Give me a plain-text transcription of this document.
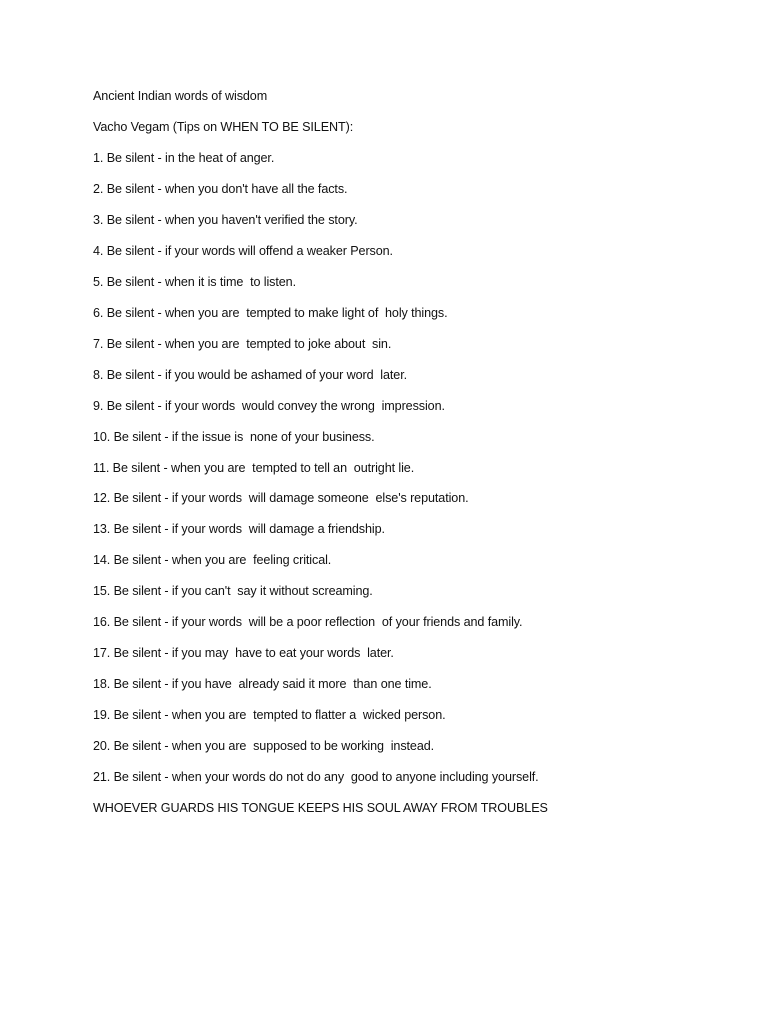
Ancient Indian words of wisdom

Vacho Vegam (Tips on WHEN TO BE SILENT):

1. Be silent - in the heat of anger.

2. Be silent - when you don't have all the facts.

3. Be silent - when you haven't verified the story.

4. Be silent - if your words will offend a weaker Person.

5. Be silent - when it is time  to listen.

6. Be silent - when you are  tempted to make light of  holy things.

7. Be silent - when you are  tempted to joke about  sin.

8. Be silent - if you would be ashamed of your word  later.

9. Be silent - if your words  would convey the wrong  impression.

10. Be silent - if the issue is  none of your business.

11. Be silent - when you are  tempted to tell an  outright lie.

12. Be silent - if your words  will damage someone  else's reputation.

13. Be silent - if your words  will damage a friendship.

14. Be silent - when you are  feeling critical.

15. Be silent - if you can't  say it without screaming.

16. Be silent - if your words  will be a poor reflection  of your friends and family.

17. Be silent - if you may  have to eat your words  later.

18. Be silent - if you have  already said it more  than one time.

19. Be silent - when you are  tempted to flatter a  wicked person.

20. Be silent - when you are  supposed to be working  instead.

21. Be silent - when your words do not do any  good to anyone including yourself.

WHOEVER GUARDS HIS TONGUE KEEPS HIS SOUL AWAY FROM TROUBLES
